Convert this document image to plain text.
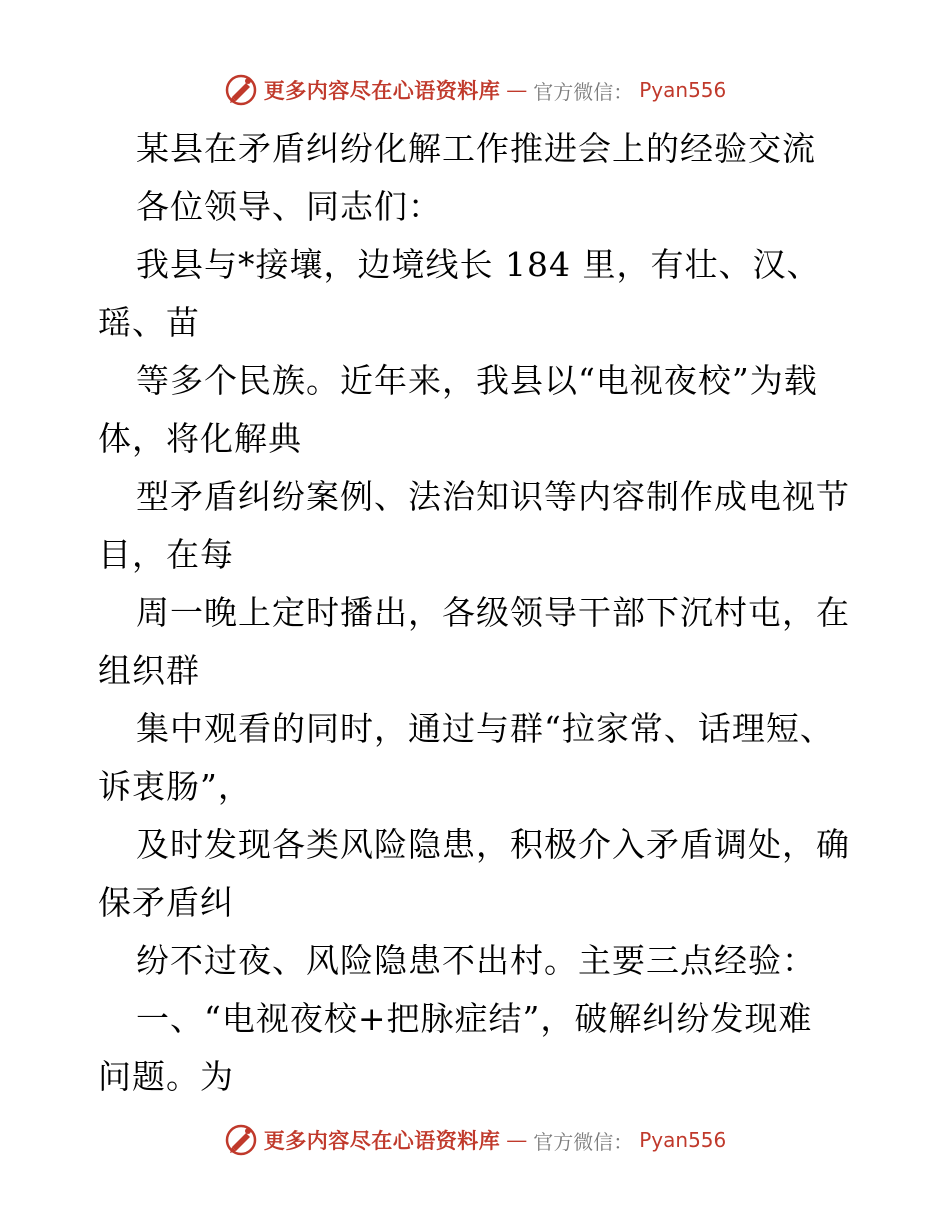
更多内容尽在心语资料库 — 官方微信： Pyan556

某县在矛盾纠纷化解工作推进会上的经验交流

各位领导、同志们：

我县与*接壤，边境线长 184 里，有壮、汉、

瑶、苗

等多个民族。近年来，我县以“电视夜校”为载

体，将化解典

型矛盾纠纷案例、法治知识等内容制作成电视节

目，在每

周一晚上定时播出，各级领导干部下沉村屯，在

组织群

集中观看的同时，通过与群“拉家常、话理短、

诉衷肠”，

及时发现各类风险隐患，积极介入矛盾调处，确

保矛盾纠

纷不过夜、风险隐患不出村。主要三点经验：

一、“电视夜校+把脉症结”，破解纠纷发现难

问题。为

更多内容尽在心语资料库 — 官方微信： Pyan556
